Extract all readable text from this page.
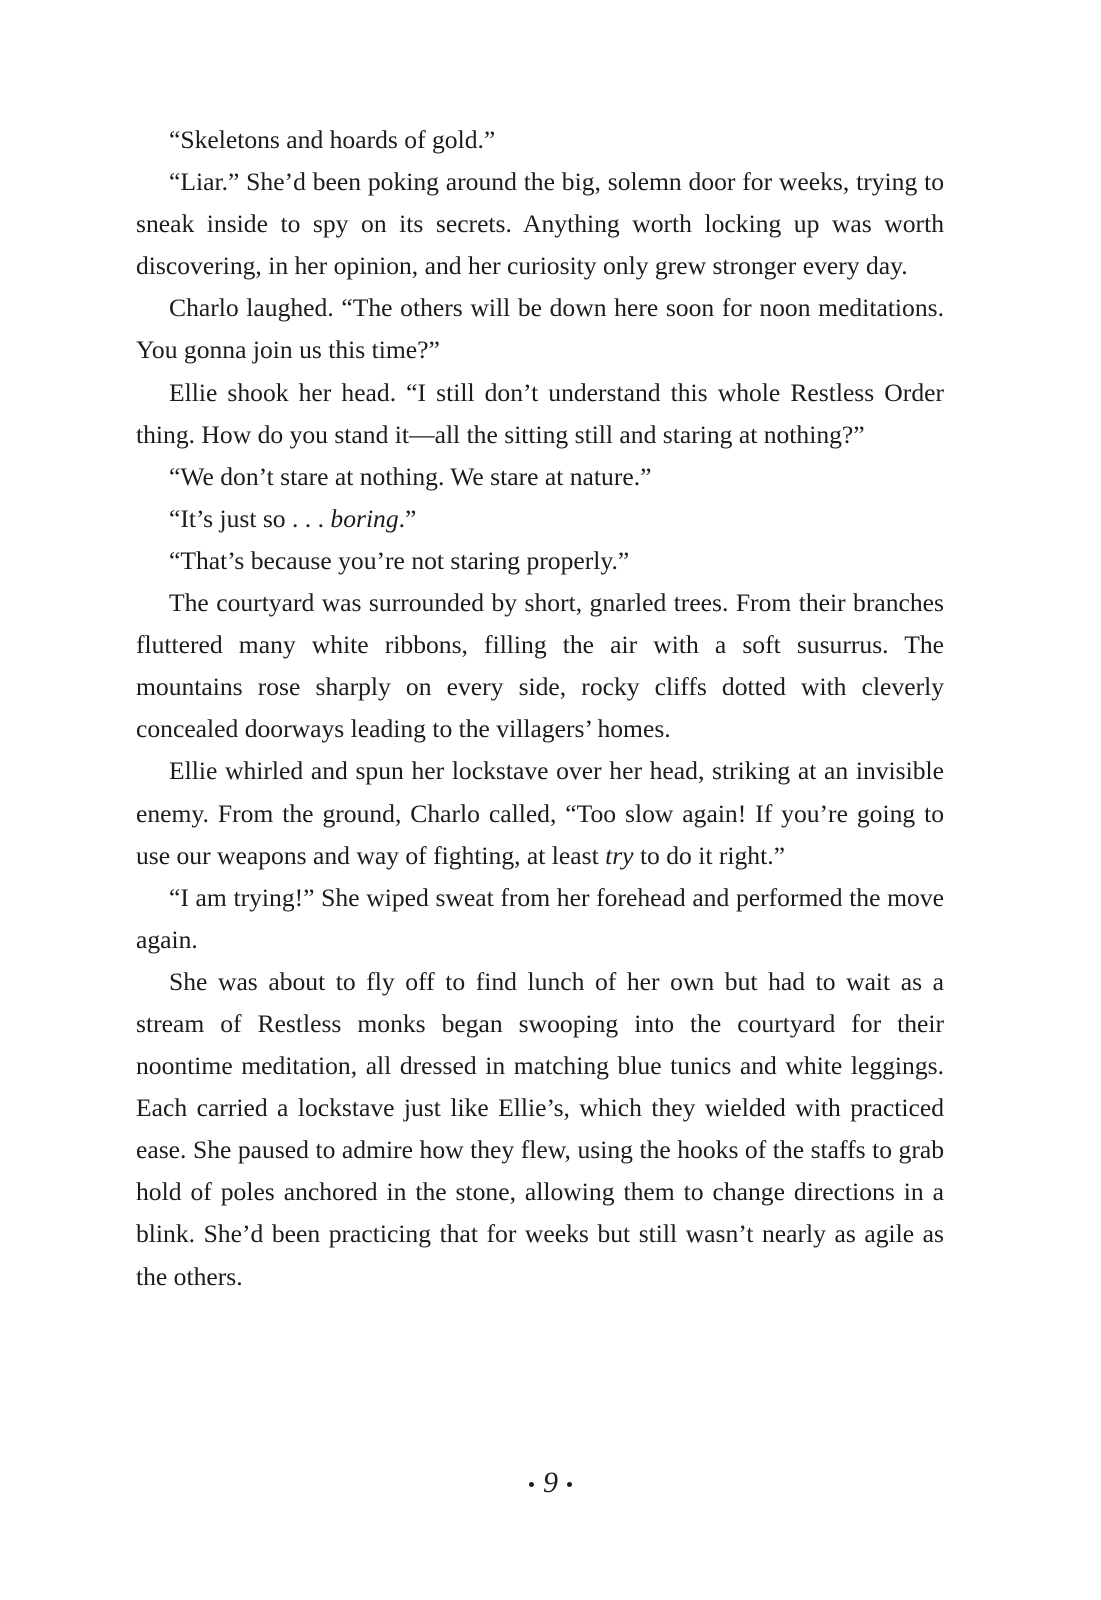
“Skeletons and hoards of gold.”

“Liar.” She’d been poking around the big, solemn door for weeks, trying to sneak inside to spy on its secrets. Anything worth locking up was worth discovering, in her opinion, and her curiosity only grew stronger every day.

Charlo laughed. “The others will be down here soon for noon meditations. You gonna join us this time?”

Ellie shook her head. “I still don’t understand this whole Restless Order thing. How do you stand it—all the sitting still and staring at nothing?”

“We don’t stare at nothing. We stare at nature.”

“It’s just so . . . boring.”

“That’s because you’re not staring properly.”

The courtyard was surrounded by short, gnarled trees. From their branches fluttered many white ribbons, filling the air with a soft susurrus. The mountains rose sharply on every side, rocky cliffs dotted with cleverly concealed doorways leading to the villagers’ homes.

Ellie whirled and spun her lockstave over her head, striking at an invisible enemy. From the ground, Charlo called, “Too slow again! If you’re going to use our weapons and way of fighting, at least try to do it right.”

“I am trying!” She wiped sweat from her forehead and performed the move again.

She was about to fly off to find lunch of her own but had to wait as a stream of Restless monks began swooping into the courtyard for their noontime meditation, all dressed in matching blue tunics and white leggings. Each carried a lockstave just like Ellie’s, which they wielded with practiced ease. She paused to admire how they flew, using the hooks of the staffs to grab hold of poles anchored in the stone, allowing them to change directions in a blink. She’d been practicing that for weeks but still wasn’t nearly as agile as the others.

9
